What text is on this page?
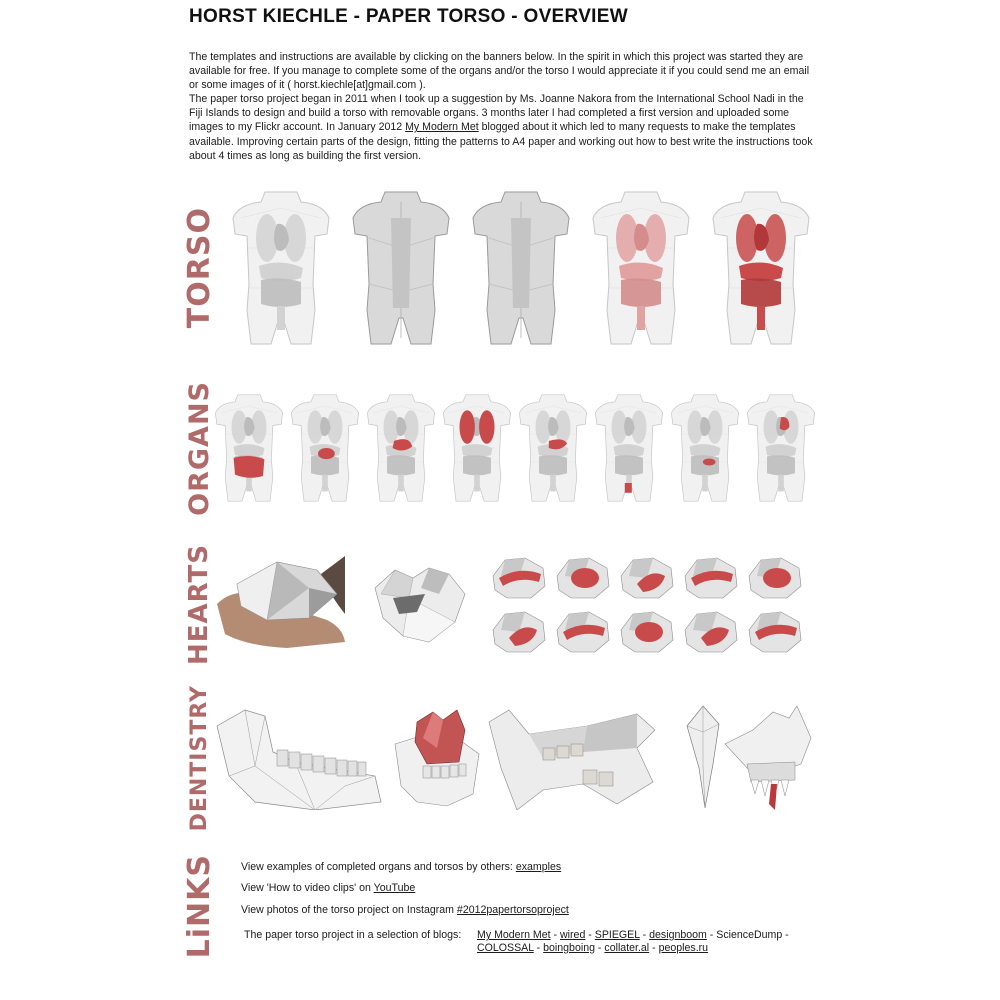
HORST KIECHLE - PAPER TORSO - OVERVIEW

The templates and instructions are available by clicking on the banners below. In the spirit in which this project was started they are available for free. If you manage to complete some of the organs and/or the torso I would appreciate it if you could send me an email or some images of it ( horst.kiechle[at]gmail.com ).

The paper torso project began in 2011 when I took up a suggestion by Ms. Joanne Nakora from the International School Nadi in the Fiji Islands to design and build a torso with removable organs. 3 months later I had completed a first version and uploaded some images to my Flickr account. In January 2012 My Modern Met blogged about it which led to many requests to make the templates available. Improving certain parts of the design, fitting the patterns to A4 paper and working out how to best write the instructions took about 4 times as long as building the first version.

TORSO
ORGANS
HEARTS
DENTISTRY
LiNKS View examples of completed organs and torsos by others: examples
View 'How to video clips' on YouTube
View photos of the torso project on Instagram #2012papertorsoproject
The paper torso project in a selection of blogs: My Modern Met - wired - SPIEGEL - designboom - ScienceDump - COLOSSAL - boingboing - collater.al - peoples.ru
